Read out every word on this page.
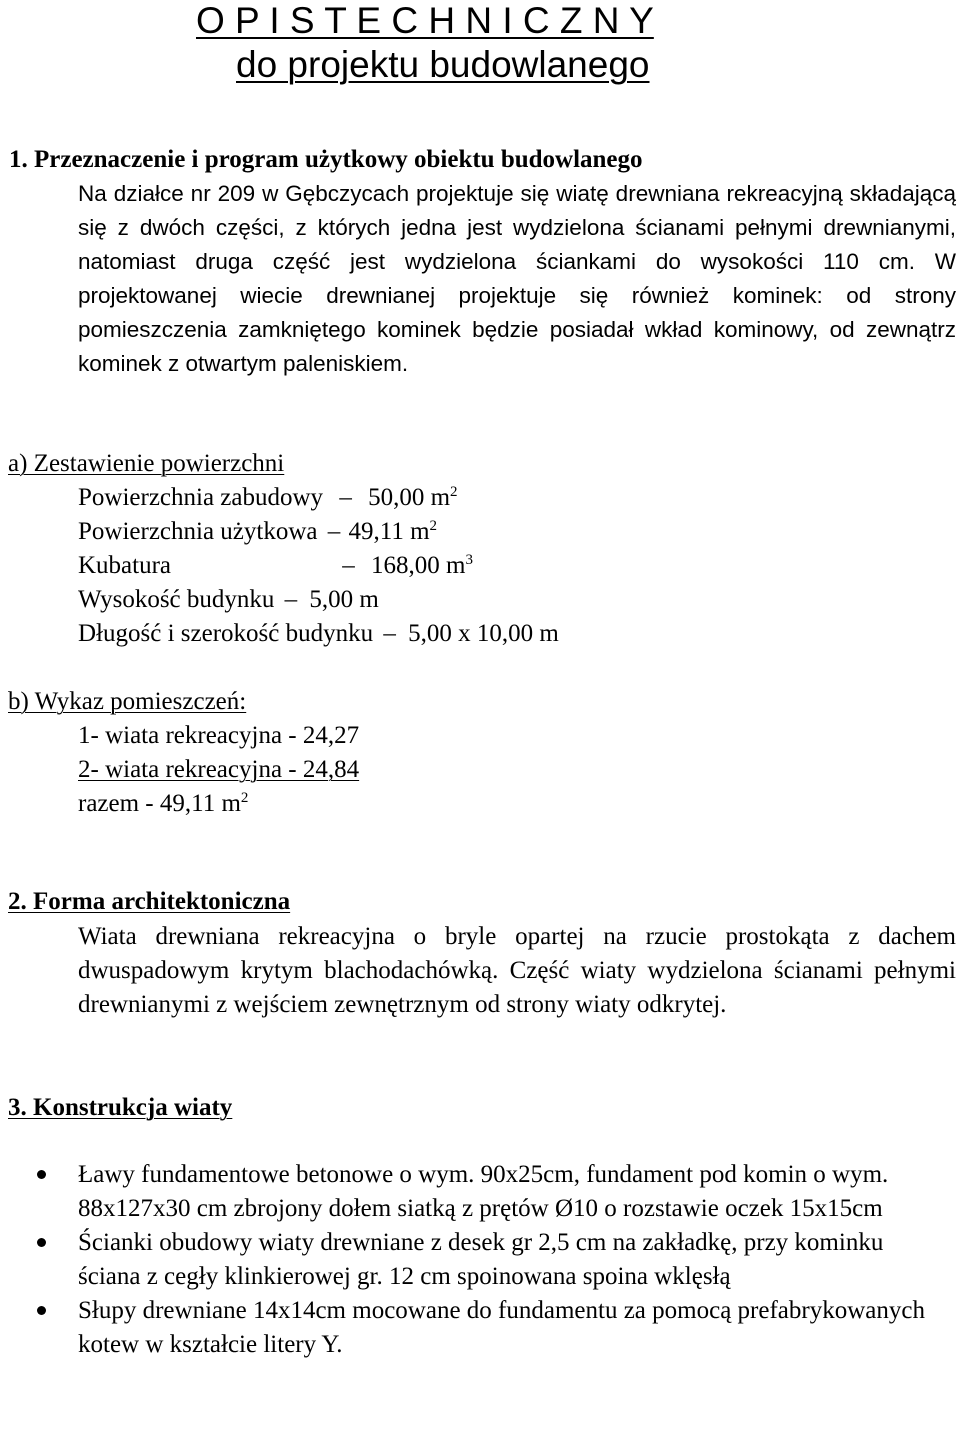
O P I S T E C H N I C Z N Y
do projektu budowlanego
1. Przeznaczenie i program użytkowy obiektu budowlanego
Na działce nr 209 w Gębczycach projektuje się wiatę drewniana rekreacyjną składającą się z dwóch części, z których jedna jest wydzielona ścianami pełnymi drewnianymi, natomiast druga część jest wydzielona ściankami do wysokości 110 cm. W projektowanej wiecie drewnianej projektuje się również kominek: od strony pomieszczenia zamkniętego kominek będzie posiadał wkład kominowy, od zewnątrz kominek z otwartym paleniskiem.
a) Zestawienie powierzchni
Powierzchnia zabudowy – 50,00 $m^2$
Powierzchnia użytkowa – 49,11 $m^2$
Kubatura	– 168,00 $m^3$
Wysokość budynku – 5,00 m
Długość i szerokość budynku – 5,00 x 10,00 m
b) Wykaz pomieszczeń:
1- wiata rekreacyjna - 24,27
2- wiata rekreacyjna - 24,84
razem - 49,11 $m^2$
2. Forma architektoniczna
Wiata drewniana rekreacyjna o bryle opartej na rzucie prostokąta z dachem dwuspadowym krytym blachodachówką. Część wiaty wydzielona ścianami pełnymi drewnianymi z wejściem zewnętrznym od strony wiaty odkrytej.
3. Konstrukcja wiaty
Ławy fundamentowe betonowe o wym. 90x25cm, fundament pod komin o wym. 88x127x30 cm zbrojony dołem siatką z prętów Ø10 o rozstawie oczek 15x15cm
Ścianki obudowy wiaty drewniane z desek gr 2,5 cm na zakładkę, przy kominku ściana z cegły klinkierowej gr. 12 cm spoinowana spoina wklęsłą
Słupy drewniane 14x14cm mocowane do fundamentu za pomocą prefabrykowanych kotew w kształcie litery Y.
